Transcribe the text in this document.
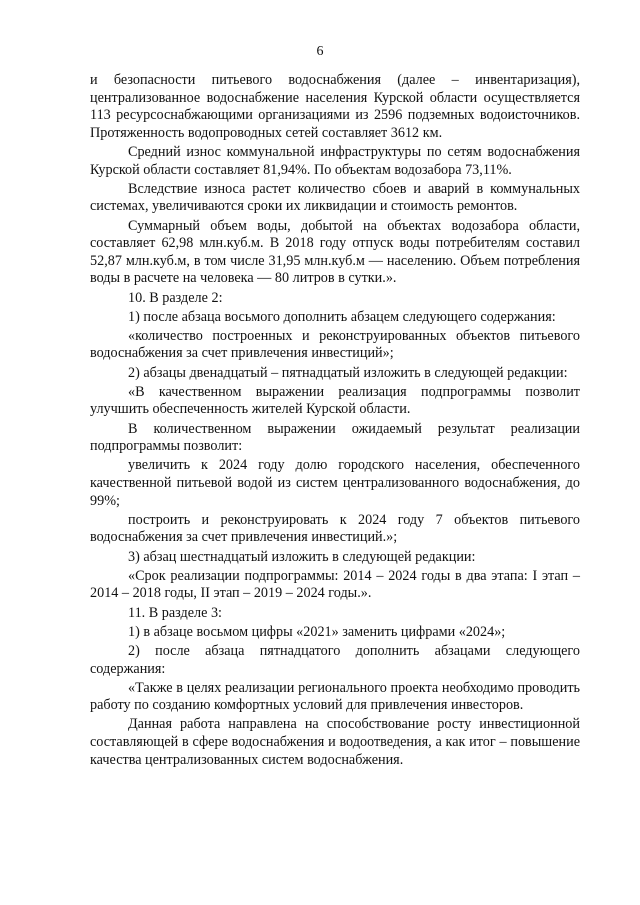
6

и безопасности питьевого водоснабжения (далее – инвентаризация), централизованное водоснабжение населения Курской области осуществляется 113 ресурсоснабжающими организациями из 2596 подземных водоисточников. Протяженность водопроводных сетей составляет 3612 км.

Средний износ коммунальной инфраструктуры по сетям водоснабжения Курской области составляет 81,94%. По объектам водозабора 73,11%.

Вследствие износа растет количество сбоев и аварий в коммунальных системах, увеличиваются сроки их ликвидации и стоимость ремонтов.

Суммарный объем воды, добытой на объектах водозабора области, составляет 62,98 млн.куб.м. В 2018 году отпуск воды потребителям составил 52,87 млн.куб.м, в том числе 31,95 млн.куб.м — населению. Объем потребления воды в расчете на человека — 80 литров в сутки.».

10. В разделе 2:

1) после абзаца восьмого дополнить абзацем следующего содержания:

«количество построенных и реконструированных объектов питьевого водоснабжения за счет привлечения инвестиций»;

2) абзацы двенадцатый – пятнадцатый изложить в следующей редакции:

«В качественном выражении реализация подпрограммы позволит улучшить обеспеченность жителей Курской области.

В количественном выражении ожидаемый результат реализации подпрограммы позволит:

увеличить к 2024 году долю городского населения, обеспеченного качественной питьевой водой из систем централизованного водоснабжения, до 99%;

построить и реконструировать к 2024 году 7 объектов питьевого водоснабжения за счет привлечения инвестиций.»;

3) абзац шестнадцатый изложить в следующей редакции:

«Срок реализации подпрограммы: 2014 – 2024 годы в два этапа: I этап – 2014 – 2018 годы, II этап – 2019 – 2024 годы.».

11. В разделе 3:

1) в абзаце восьмом цифры «2021» заменить цифрами «2024»;

2) после абзаца пятнадцатого дополнить абзацами следующего содержания:

«Также в целях реализации регионального проекта необходимо проводить работу по созданию комфортных условий для привлечения инвесторов.

Данная работа направлена на способствование росту инвестиционной составляющей в сфере водоснабжения и водоотведения, а как итог – повышение качества централизованных систем водоснабжения.
